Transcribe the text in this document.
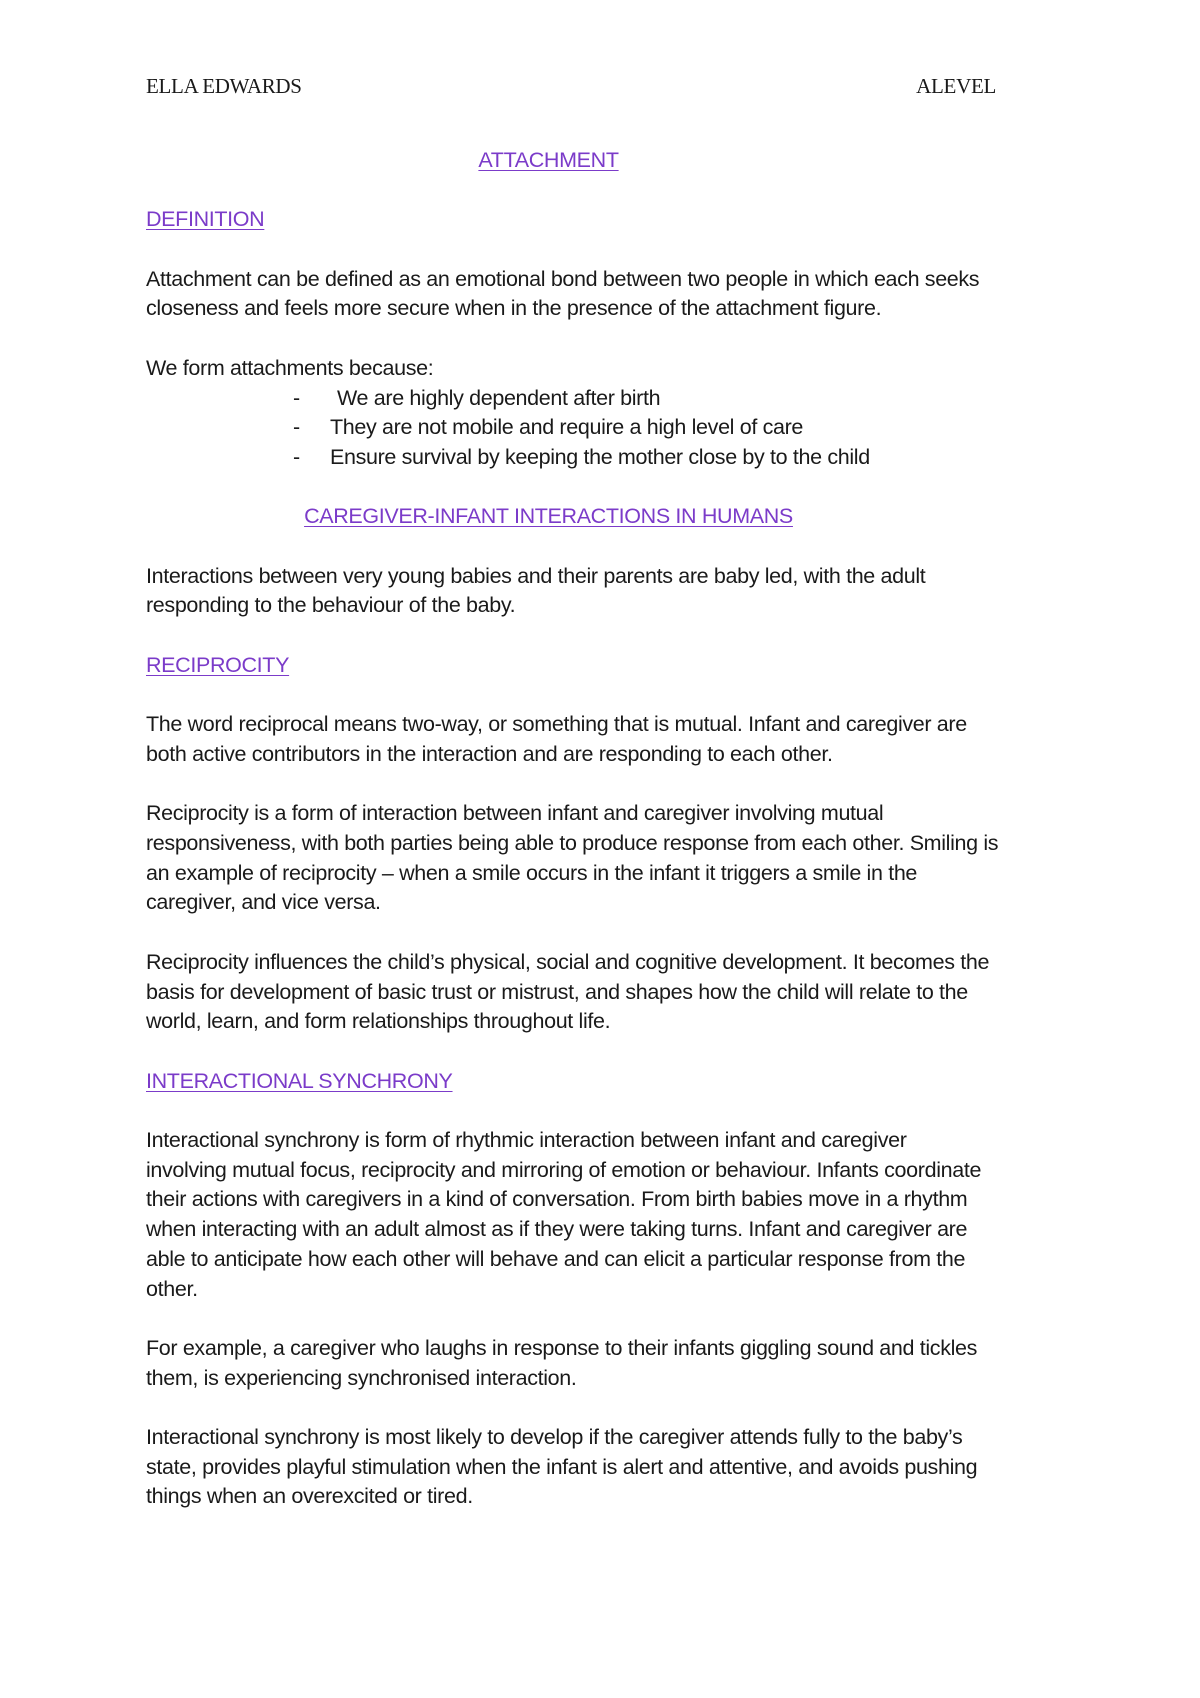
ELLA EDWARDS	ALEVEL

ATTACHMENT

DEFINITION

Attachment can be defined as an emotional bond between two people in which each seeks

closeness and feels more secure when in the presence of the attachment figure.

We form attachments because:

- We are highly dependent after birth
- They are not mobile and require a high level of care
- Ensure survival by keeping the mother close by to the child

CAREGIVER-INFANT INTERACTIONS IN HUMANS

Interactions between very young babies and their parents are baby led, with the adult

responding to the behaviour of the baby.

RECIPROCITY

The word reciprocal means two-way, or something that is mutual. Infant and caregiver are

both active contributors in the interaction and are responding to each other.

Reciprocity is a form of interaction between infant and caregiver involving mutual

responsiveness, with both parties being able to produce response from each other. Smiling is

an example of reciprocity – when a smile occurs in the infant it triggers a smile in the

caregiver, and vice versa.

Reciprocity influences the child’s physical, social and cognitive development. It becomes the

basis for development of basic trust or mistrust, and shapes how the child will relate to the

world, learn, and form relationships throughout life.

INTERACTIONAL SYNCHRONY

Interactional synchrony is form of rhythmic interaction between infant and caregiver

involving mutual focus, reciprocity and mirroring of emotion or behaviour. Infants coordinate

their actions with caregivers in a kind of conversation. From birth babies move in a rhythm

when interacting with an adult almost as if they were taking turns. Infant and caregiver are

able to anticipate how each other will behave and can elicit a particular response from the

other.

For example, a caregiver who laughs in response to their infants giggling sound and tickles

them, is experiencing synchronised interaction.

Interactional synchrony is most likely to develop if the caregiver attends fully to the baby’s

state, provides playful stimulation when the infant is alert and attentive, and avoids pushing

things when an overexcited or tired.
